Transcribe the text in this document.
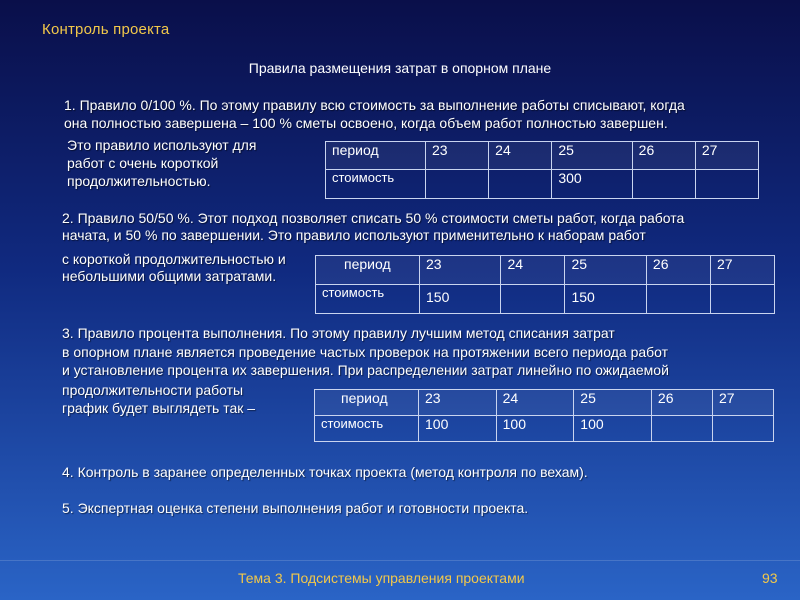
Контроль проекта
Правила размещения затрат в опорном плане
1. Правило 0/100 %. По этому правилу всю стоимость за выполнение работы списывают, когда
она полностью завершена – 100 % сметы освоено, когда объем работ полностью завершен.
Это правило используют для
работ с очень короткой
продолжительностью.
период	23	24	25	26	27
стоимость			300		
2. Правило 50/50 %. Этот подход позволяет списать 50 % стоимости сметы работ, когда работа
начата, и 50 % по завершении. Это правило используют применительно к наборам работ
с короткой продолжительностью и
небольшими общими затратами.
период	23	24	25	26	27
стоимость	150		150		
3. Правило процента выполнения. По этому правилу лучшим метод списания затрат
в опорном плане является проведение частых проверок на протяжении всего периода работ
и установление процента их завершения. При распределении затрат линейно по ожидаемой
продолжительности работы
график будет выглядеть так –
период	23	24	25	26	27
стоимость	100	100	100		
4. Контроль в заранее определенных точках проекта (метод контроля по вехам).
5. Экспертная оценка степени выполнения работ и готовности проекта.
Тема 3. Подсистемы управления проектами	93
